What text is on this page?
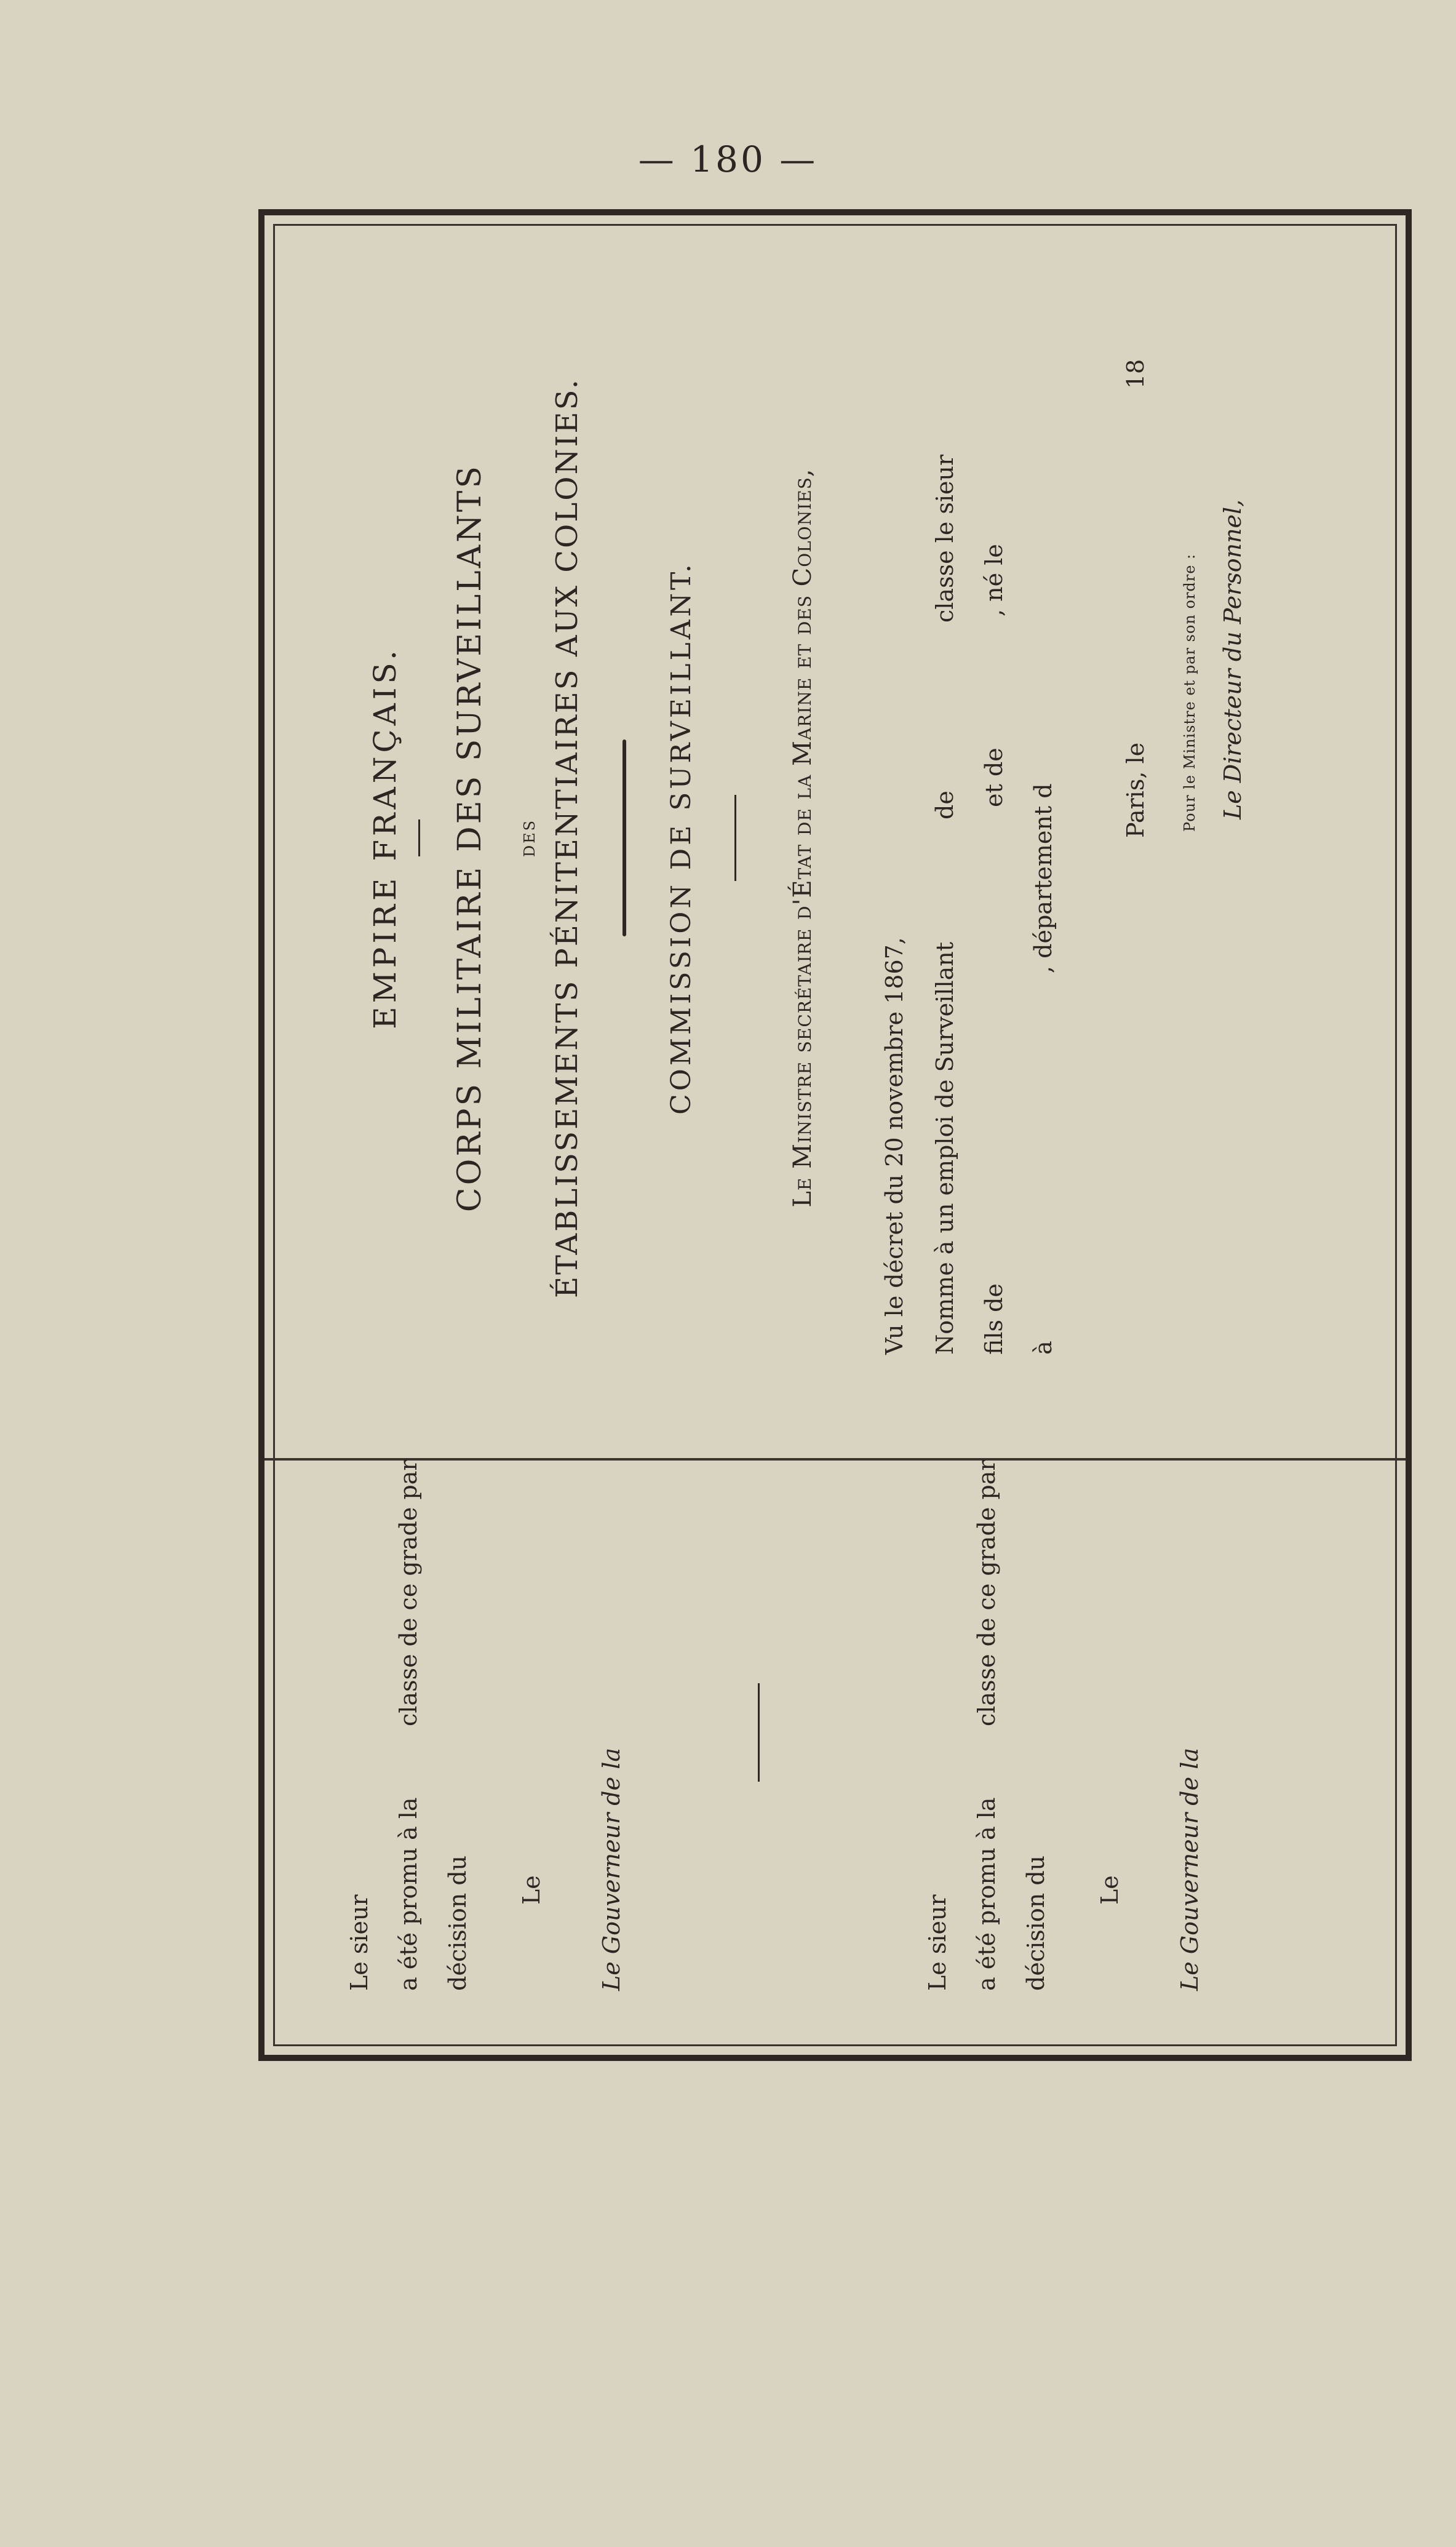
— 180 —
EMPIRE FRANÇAIS. CORPS MILITAIRE DES SURVEILLANTS DES ÉTABLISSEMENTS PÉNITENTIAIRES AUX COLONIES.	COMMISSION DE SURVEILLANT.	Le Ministre secrétaire d'État de la Marine et des Colonies,	Vu le décret du 20 novembre 1867, Nomme à un emploi de Surveillant
de
classe le sieur
fils de
et de
, né le
à
, département d	Paris, le
18
Pour le Ministre et par son ordre : Le Directeur du Personnel,
Le sieur a été promu à la
classe de ce grade par
décision du Le Le Gouverneur de la	Le sieur a été promu à la
classe de ce grade par
décision du Le Le Gouverneur de la
